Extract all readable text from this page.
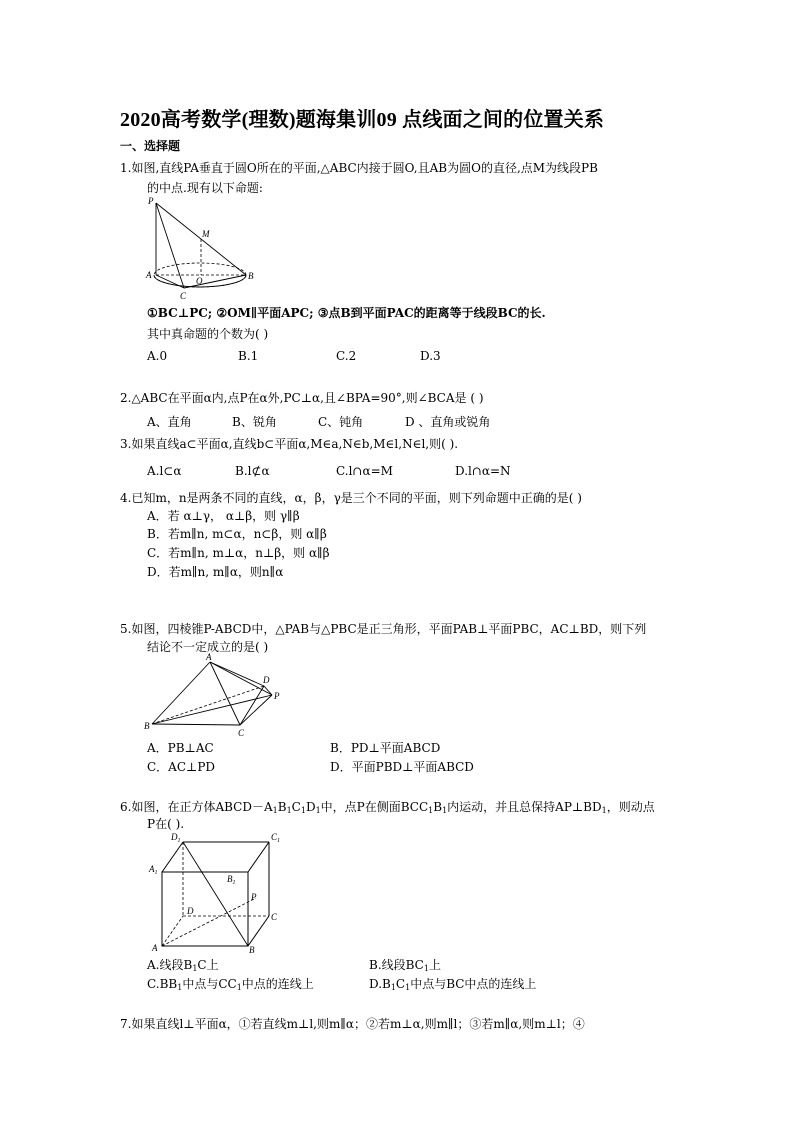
2020高考数学(理数)题海集训09 点线面之间的位置关系
一、选择题
1.如图,直线PA垂直于圆O所在的平面,△ABC内接于圆O,且AB为圆O的直径,点M为线段PB
的中点.现有以下命题:
P
M
A
O	B
C
①BC⊥PC; ②OM∥平面APC; ③点B到平面PAC的距离等于线段BC的长.
其中真命题的个数为( )
A.0	B.1	C.2	D.3
2.△ABC在平面α内,点P在α外,PC⊥α,且∠BPA=90°,则∠BCA是 ( )
A、直角	B、锐角	C、钝角	D 、直角或锐角
3.如果直线a⊂平面α,直线b⊂平面α,M∈a,N∈b,M∈l,N∈l,则( ).
A.l⊂α	B.l⊄α	C.l∩α=M	D.l∩α=N
4.已知m，n是两条不同的直线，α，β，γ是三个不同的平面，则下列命题中正确的是( )
A．若 α⊥γ， α⊥β，则 γ∥β
B．若m∥n, m⊂α，n⊂β，则 α∥β
C．若m∥n, m⊥α，n⊥β，则 α∥β
D．若m∥n, m∥α，则n∥α
5.如图，四棱锥P-ABCD中，△PAB与△PBC是正三角形，平面PAB⊥平面PBC，AC⊥BD，则下列
结论不一定成立的是( )
A
D
P
B
C
A．PB⊥AC	B．PD⊥平面ABCD
C．AC⊥PD	D．平面PBD⊥平面ABCD
6.如图，在正方体$ABCD-A_1B_1C_1D_1$中，点P在侧面$BCC_1B_1$内运动，并且总保持$AP\perp BD_1$，则动点
P在( ).
$D_1$	$C_1$
$A_1$
$B_1$
P
D
C
A	B
A.线段$B_1C$上	B.线段$BC_1$上
$C.BB_1$中点与$CC_1$中点的连线上	$D.B_1C_1$中点与BC中点的连线上
7.如果直线l⊥平面α，①若直线m⊥l,则m∥α；②若m⊥α,则m∥l；③若m∥α,则m⊥l；④
